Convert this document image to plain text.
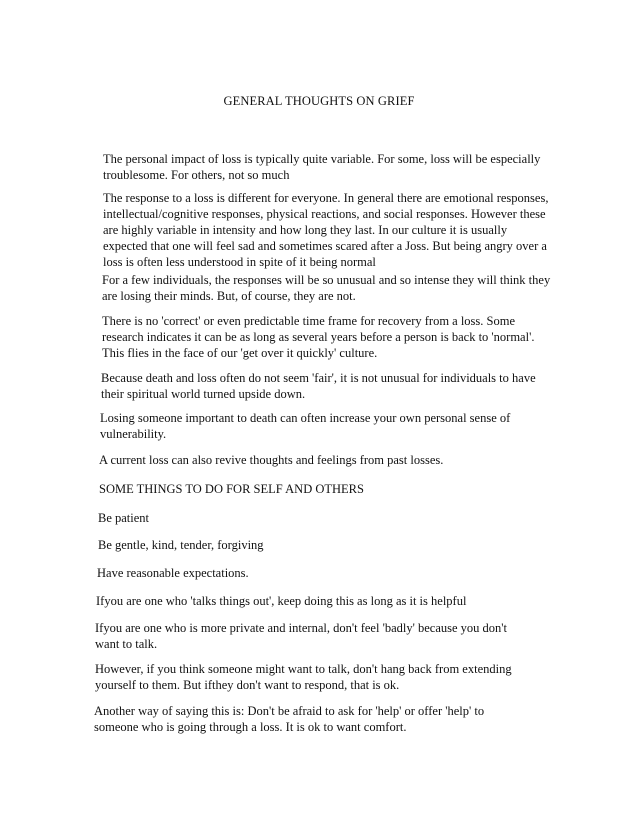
GENERAL THOUGHTS ON GRIEF
The personal impact of loss is typically quite variable. For some, loss will be especially
troublesome. For others, not so much
The response to a loss is different for everyone. In general there are emotional responses,
intellectual/cognitive responses, physical reactions, and social responses. However these
are highly variable in intensity and how long they last. In our culture it is usually
expected that one will feel sad and sometimes scared after a Joss. But being angry over a
loss is often less understood in spite of it being normal
For a few individuals, the responses will be so unusual and so intense they will think they
are losing their minds. But, of course, they are not.
There is no 'correct' or even predictable time frame for recovery from a loss. Some
research indicates it can be as long as several years before a person is back to 'normal'.
This flies in the face of our 'get over it quickly' culture.
Because death and loss often do not seem 'fair', it is not unusual for individuals to have
their spiritual world turned upside down.
Losing someone important to death can often increase your own personal sense of
vulnerability.
A current loss can also revive thoughts and feelings from past losses.
SOME THINGS TO DO FOR SELF AND OTHERS
Be patient
Be gentle, kind, tender, forgiving
Have reasonable expectations.
Ifyou are one who 'talks things out', keep doing this as long as it is helpful
Ifyou are one who is more private and internal, don't feel 'badly' because you don't
want to talk.
However, if you think someone might want to talk, don't hang back from extending
yourself to them. But ifthey don't want to respond, that is ok.
Another way of saying this is: Don't be afraid to ask for 'help' or offer 'help' to
someone who is going through a loss. It is ok to want comfort.
